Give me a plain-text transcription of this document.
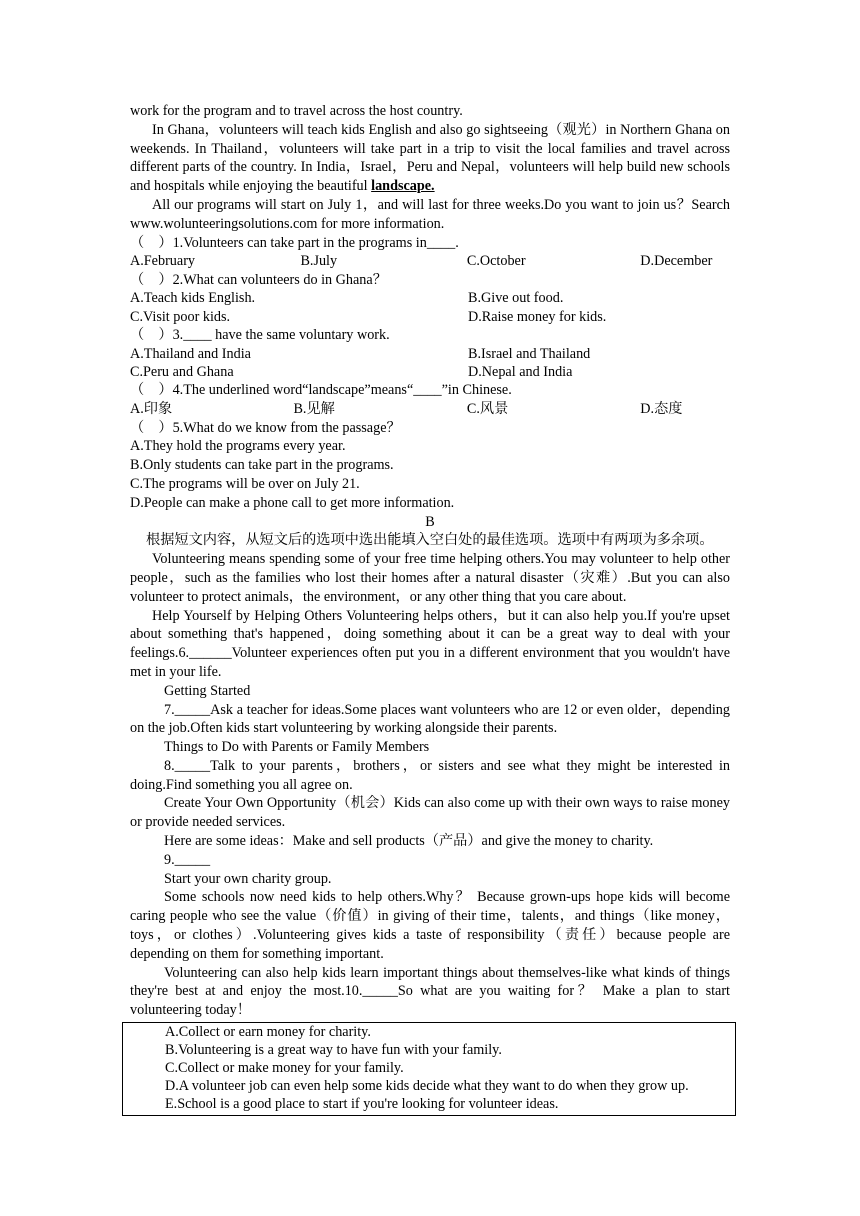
work for the program and to travel across the host country.

In Ghana，volunteers will teach kids English and also go sightseeing（观光）in Northern Ghana on weekends. In Thailand，volunteers will take part in a trip to visit the local families and travel across different parts of the country. In India，Israel，Peru and Nepal，volunteers will help build new schools and hospitals while enjoying the beautiful landscape.

All our programs will start on July 1，and will last for three weeks.Do you want to join us？Search www.wolunteeringsolutions.com for more information.

（　）1.Volunteers can take part in the programs in____.

A.February	B.July	C.October	D.December

（　）2.What can volunteers do in Ghana？

A.Teach kids English.	B.Give out food.
C.Visit poor kids.	D.Raise money for kids.

（　）3.____ have the same voluntary work.

A.Thailand and India	B.Israel and Thailand
C.Peru and Ghana	D.Nepal and India

（　）4.The underlined word“landscape”means“____”in Chinese.

A.印象	B.见解	C.风景	D.态度

（　）5.What do we know from the passage？

A.They hold the programs every year.

B.Only students can take part in the programs.

C.The programs will be over on July 21.

D.People can make a phone call to get more information.

B

根据短文内容，从短文后的选项中选出能填入空白处的最佳选项。选项中有两项为多余项。

Volunteering means spending some of your free time helping others.You may volunteer to help other people，such as the families who lost their homes after a natural disaster（灾难）.But you can also volunteer to protect animals，the environment，or any other thing that you care about.

Help Yourself by Helping Others Volunteering helps others，but it can also help you.If you're upset about something that's happened，doing something about it can be a great way to deal with your feelings.6.______Volunteer experiences often put you in a different environment that you wouldn't have met in your life.

Getting Started

7._____Ask a teacher for ideas.Some places want volunteers who are 12 or even older，depending on the job.Often kids start volunteering by working alongside their parents.

Things to Do with Parents or Family Members

8._____Talk to your parents，brothers，or sisters and see what they might be interested in doing.Find something you all agree on.

Create Your Own Opportunity（机会）Kids can also come up with their own ways to raise money or provide needed services.

Here are some ideas：Make and sell products（产品）and give the money to charity.

9._____

Start your own charity group.

Some schools now need kids to help others.Why？ Because grown-ups hope kids will become caring people who see the value（价值）in giving of their time，talents，and things（like money，toys，or clothes）.Volunteering gives kids a taste of responsibility（责任）because people are depending on them for something important.

Volunteering can also help kids learn important things about themselves-like what kinds of things they're best at and enjoy the most.10._____So what are you waiting for？ Make a plan to start volunteering today！

A.Collect or earn money for charity.

B.Volunteering is a great way to have fun with your family.

C.Collect or make money for your family.

D.A volunteer job can even help some kids decide what they want to do when they grow up.

E.School is a good place to start if you're looking for volunteer ideas.
